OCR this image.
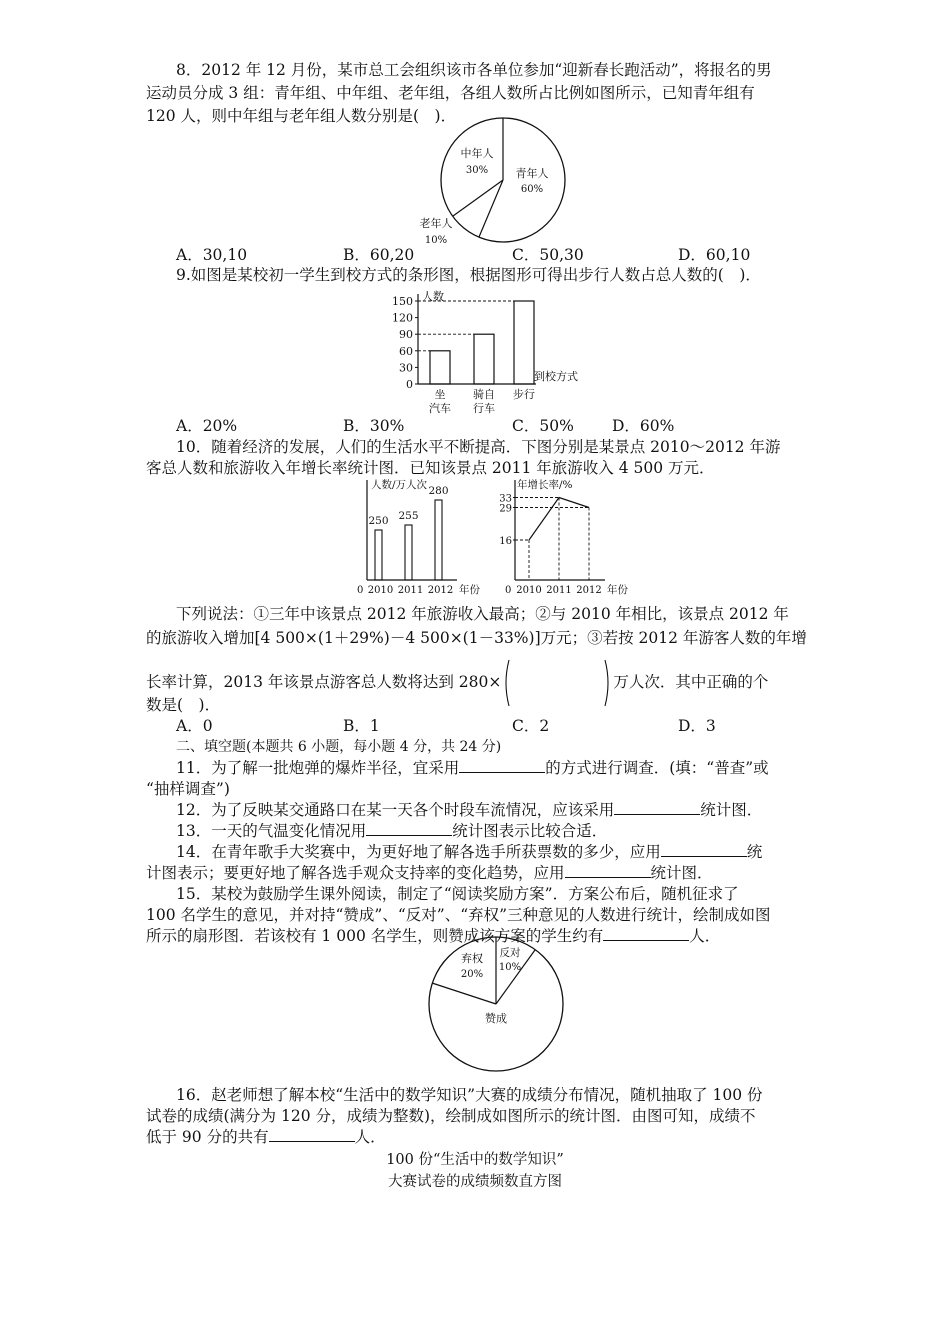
8．2012 年 12 月份，某市总工会组织该市各单位参加“迎新春长跑活动”，将报名的男
运动员分成 3 组：青年组、中年组、老年组，各组人数所占比例如图所示，已知青年组有
120 人，则中年组与老年组人数分别是(　)．
中年人
30% 青年人
60%
老年人
10%
A．30,10	B．60,20	C．50,30	D．60,10
9.如图是某校初一学生到校方式的条形图，根据图形可得出步行人数占总人数的(　)．
人数
到校方式
150
120
90
60
30
0
坐
汽车
骑自
行车
步行
A．20%	B．30%	C．50% D．60%
10．随着经济的发展，人们的生活水平不断提高．下图分别是某景点 2010～2012 年游
客总人数和旅游收入年增长率统计图．已知该景点 2011 年旅游收入 4 500 万元．
人数/万人次
0	年份
250
2010
255
2011
280
2012
年增长率/%
0	年份
33
29
16
2010 2011 2012
下列说法：①三年中该景点 2012 年旅游收入最高；②与 2010 年相比，该景点 2012 年
的旅游收入增加[4 500×(1＋29%)－4 500×(1－33%)]万元；③若按 2012 年游客人数的年增
长率计算，2013 年该景点游客总人数将达到 280×	万人次．其中正确的个
数是(　)．
A．0	B．1	C．2	D．3
二、填空题(本题共 6 小题，每小题 4 分，共 24 分)
11．为了解一批炮弹的爆炸半径，宜采用	的方式进行调查．(填：“普查”或
“抽样调查”)
12．为了反映某交通路口在某一天各个时段车流情况，应该采用	统计图．
13．一天的气温变化情况用	统计图表示比较合适．
14．在青年歌手大奖赛中，为更好地了解各选手所获票数的多少，应用	统
计图表示；要更好地了解各选手观众支持率的变化趋势，应用	统计图．
15．某校为鼓励学生课外阅读，制定了“阅读奖励方案”．方案公布后，随机征求了
100 名学生的意见，并对持“赞成”、“反对”、“弃权”三种意见的人数进行统计，绘制成如图
所示的扇形图．若该校有 1 000 名学生，则赞成该方案的学生约有	人．
弃权
20%
反对
10%
赞成
16．赵老师想了解本校“生活中的数学知识”大赛的成绩分布情况，随机抽取了 100 份
试卷的成绩(满分为 120 分，成绩为整数)，绘制成如图所示的统计图．由图可知，成绩不
低于 90 分的共有	人．
100 份“生活中的数学知识”
大赛试卷的成绩频数直方图
